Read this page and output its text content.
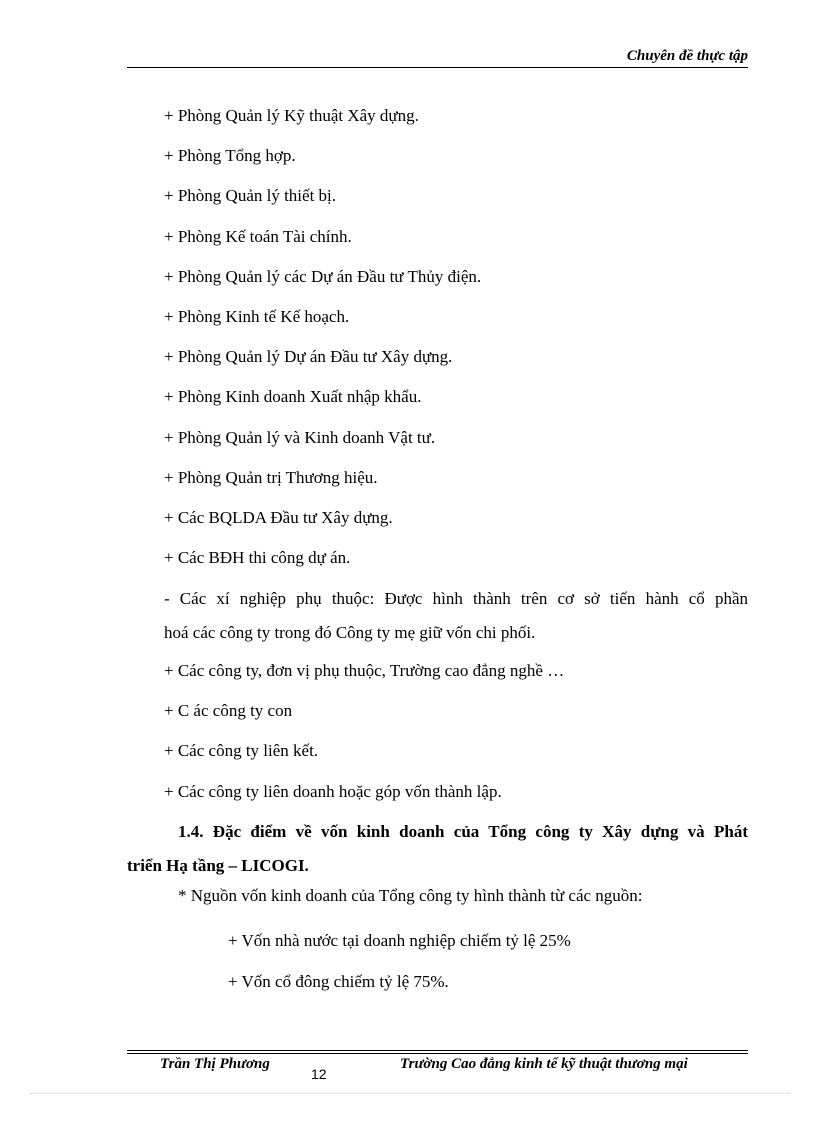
Chuyên đề thực tập
+ Phòng Quản lý Kỹ thuật Xây dựng.
+ Phòng Tổng hợp.
+ Phòng Quản lý thiết bị.
+ Phòng Kế toán Tài chính.
+ Phòng Quản lý các Dự án Đầu tư Thủy điện.
+ Phòng Kinh tế Kế hoạch.
+ Phòng Quản lý Dự án Đầu tư Xây dựng.
+ Phòng Kinh doanh Xuất nhập khẩu.
+ Phòng Quản lý và Kinh doanh Vật tư.
+ Phòng Quản trị Thương hiệu.
+ Các BQLDA Đầu tư Xây dựng.
+ Các BĐH thi công dự án.
- Các xí nghiệp phụ thuộc: Được hình thành trên cơ sở tiến hành cổ phần
hoá các công ty trong đó Công ty mẹ giữ vốn chi phối.
+ Các công ty, đơn vị phụ thuộc, Trường cao đẳng nghề …
+ C ác công ty con
+ Các công ty liên kết.
+ Các công ty liên doanh hoặc góp vốn thành lập.
1.4. Đặc điểm về vốn kinh doanh của Tổng công ty Xây dựng và Phát
triển Hạ tầng – LICOGI.
* Nguồn vốn kinh doanh của Tổng công ty hình thành từ các nguồn:
+ Vốn nhà nước tại doanh nghiệp chiếm tỷ lệ 25%
+ Vốn cổ đông chiếm tỷ lệ 75%.
Trần Thị Phương
12
Trường Cao đẳng kinh tế kỹ thuật thương mại
